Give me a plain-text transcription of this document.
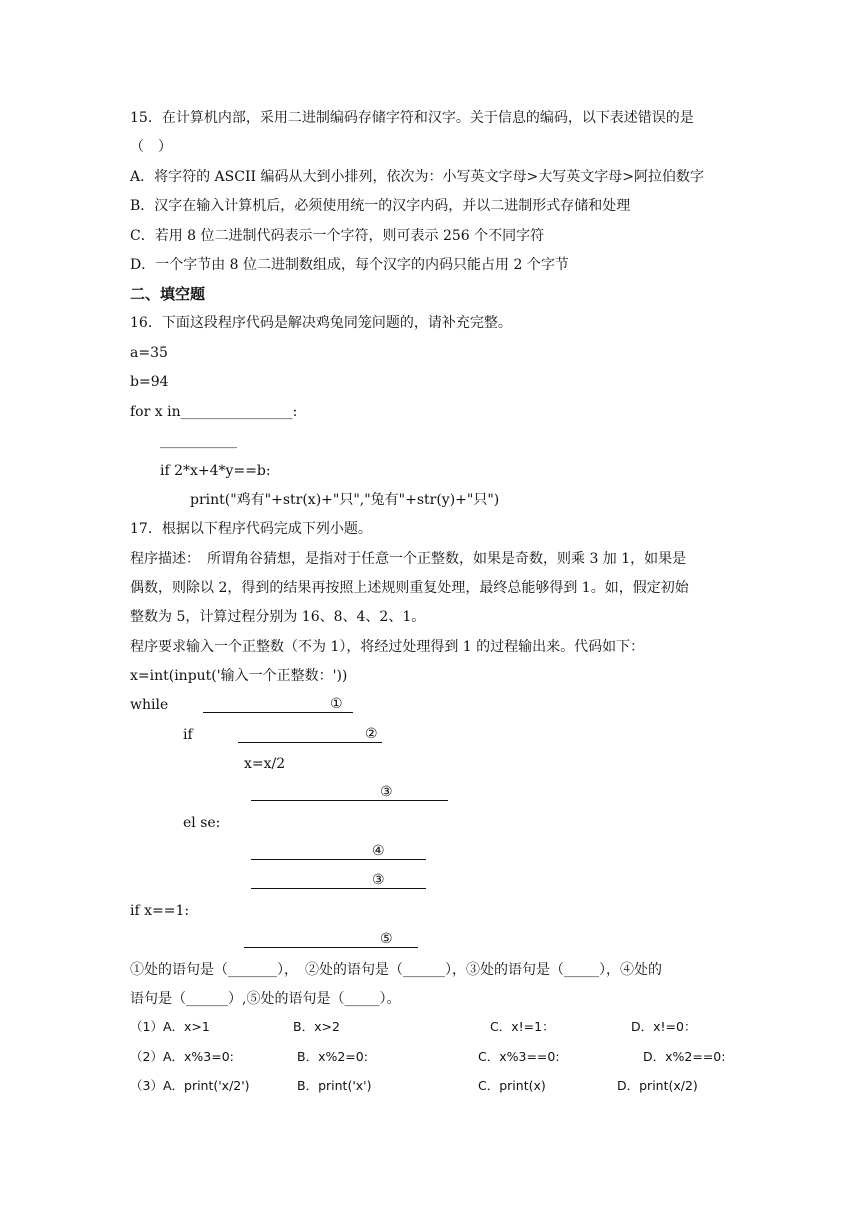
15．在计算机内部，采用二进制编码存储字符和汉字。关于信息的编码，以下表述错误的是
（　）
A．将字符的 ASCII 编码从大到小排列，依次为：小写英文字母>大写英文字母>阿拉伯数字
B．汉字在输入计算机后，必须使用统一的汉字内码，并以二进制形式存储和处理
C．若用 8 位二进制代码表示一个字符，则可表示 256 个不同字符
D．一个字节由 8 位二进制数组成，每个汉字的内码只能占用 2 个字节
二、填空题
16．下面这段程序代码是解决鸡兔同笼问题的，请补充完整。
a=35
b=94
for x in________________:
___________
if 2*x+4*y==b:
print("鸡有"+str(x)+"只","兔有"+str(y)+"只")
17．根据以下程序代码完成下列小题。
程序描述：　所谓角谷猜想，是指对于任意一个正整数，如果是奇数，则乘 3 加 1，如果是
偶数，则除以 2，得到的结果再按照上述规则重复处理，最终总能够得到 1。如，假定初始
整数为 5，计算过程分别为 16、8、4、2、1。
程序要求输入一个正整数（不为 1），将经过处理得到 1 的过程输出来。代码如下：
x=int(input('输入一个正整数：'))
while	①
if	②
x=x/2
③
el se:
④
③
if x==1:
⑤
①处的语句是（_______），　②处的语句是（______），③处的语句是（_____），④处的
语句是（______）,⑤处的语句是（_____）。
（1）A．x>1	B．x>2	C．x!=1：	D．x!=0：
（2）A．x%3=0:	B．x%2=0:	C．x%3==0:	D．x%2==0:
（3）A．print('x/2')	B．print('x')	C．print(x)	D．print(x/2)
